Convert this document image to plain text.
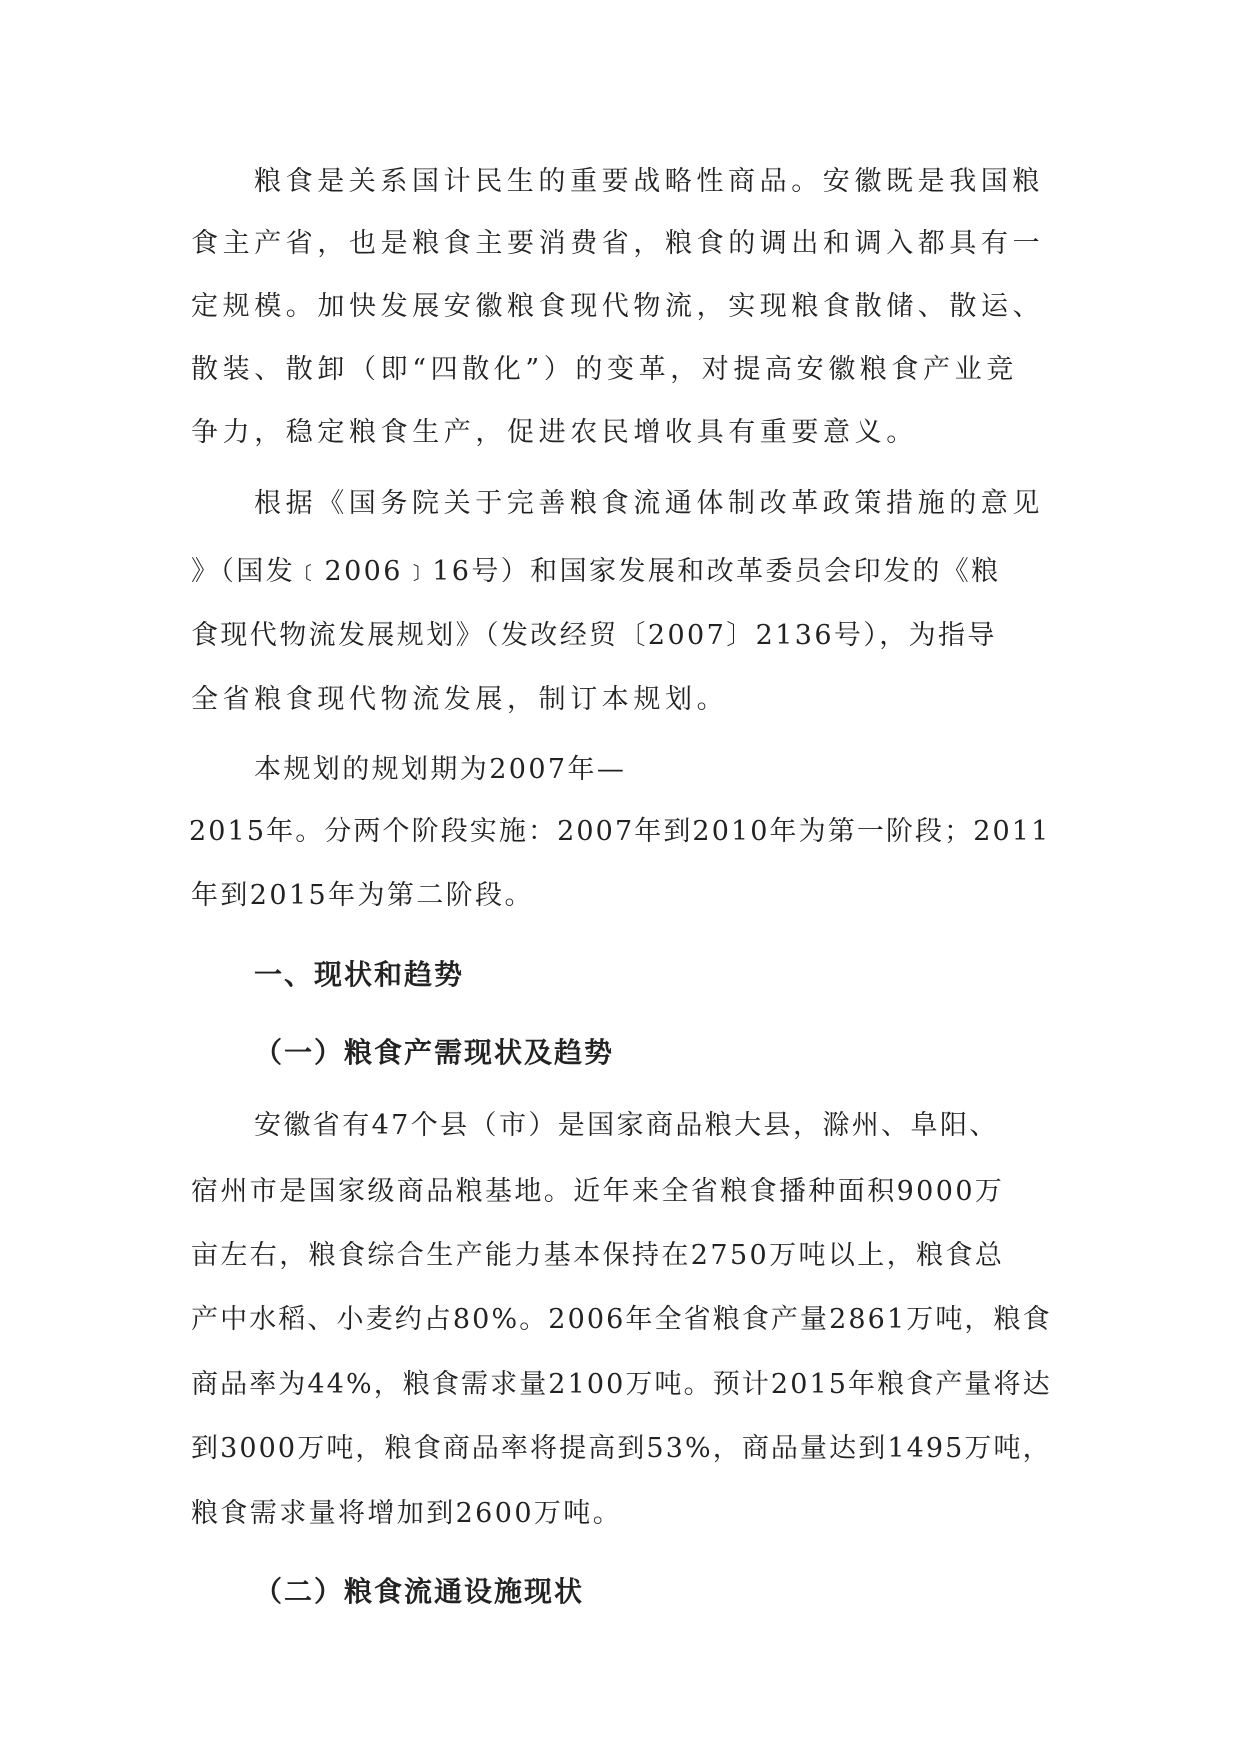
粮食是关系国计民生的重要战略性商品。安徽既是我国粮
食主产省，也是粮食主要消费省，粮食的调出和调入都具有一
定规模。加快发展安徽粮食现代物流，实现粮食散储、散运、
散装、散卸（即“四散化”）的变革，对提高安徽粮食产业竞
争力，稳定粮食生产，促进农民增收具有重要意义。
根据《国务院关于完善粮食流通体制改革政策措施的意见
》（国发﹝2006﹞16号）和国家发展和改革委员会印发的《粮
食现代物流发展规划》（发改经贸〔2007〕2136号），为指导
全省粮食现代物流发展，制订本规划。
本规划的规划期为2007年—
2015年。分两个阶段实施：2007年到2010年为第一阶段；2011
年到2015年为第二阶段。
一、现状和趋势
（一）粮食产需现状及趋势
安徽省有47个县（市）是国家商品粮大县，滁州、阜阳、
宿州市是国家级商品粮基地。近年来全省粮食播种面积9000万
亩左右，粮食综合生产能力基本保持在2750万吨以上，粮食总
产中水稻、小麦约占80%。2006年全省粮食产量2861万吨，粮食
商品率为44%，粮食需求量2100万吨。预计2015年粮食产量将达
到3000万吨，粮食商品率将提高到53%，商品量达到1495万吨，
粮食需求量将增加到2600万吨。
（二）粮食流通设施现状
